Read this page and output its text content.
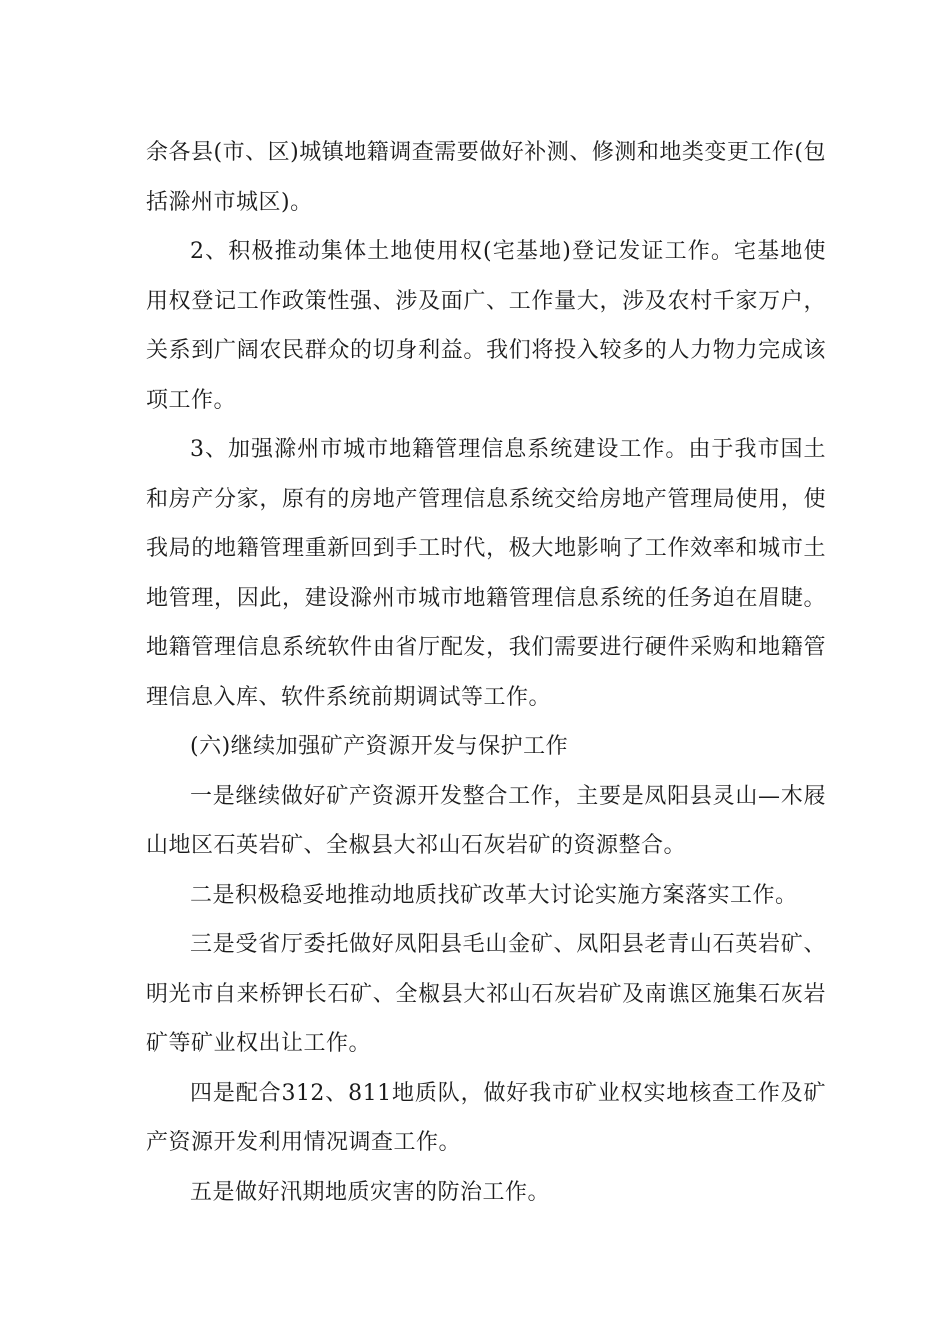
余各县(市、区)城镇地籍调查需要做好补测、修测和地类变更工作(包括滁州市城区)。

2、积极推动集体土地使用权(宅基地)登记发证工作。宅基地使用权登记工作政策性强、涉及面广、工作量大，涉及农村千家万户，关系到广阔农民群众的切身利益。我们将投入较多的人力物力完成该项工作。

3、加强滁州市城市地籍管理信息系统建设工作。由于我市国土和房产分家，原有的房地产管理信息系统交给房地产管理局使用，使我局的地籍管理重新回到手工时代，极大地影响了工作效率和城市土地管理，因此，建设滁州市城市地籍管理信息系统的任务迫在眉睫。地籍管理信息系统软件由省厅配发，我们需要进行硬件采购和地籍管理信息入库、软件系统前期调试等工作。

(六)继续加强矿产资源开发与保护工作

一是继续做好矿产资源开发整合工作，主要是凤阳县灵山—木屐山地区石英岩矿、全椒县大祁山石灰岩矿的资源整合。

二是积极稳妥地推动地质找矿改革大讨论实施方案落实工作。

三是受省厅委托做好凤阳县毛山金矿、凤阳县老青山石英岩矿、明光市自来桥钾长石矿、全椒县大祁山石灰岩矿及南谯区施集石灰岩矿等矿业权出让工作。

四是配合312、811地质队，做好我市矿业权实地核查工作及矿产资源开发利用情况调查工作。

五是做好汛期地质灾害的防治工作。
